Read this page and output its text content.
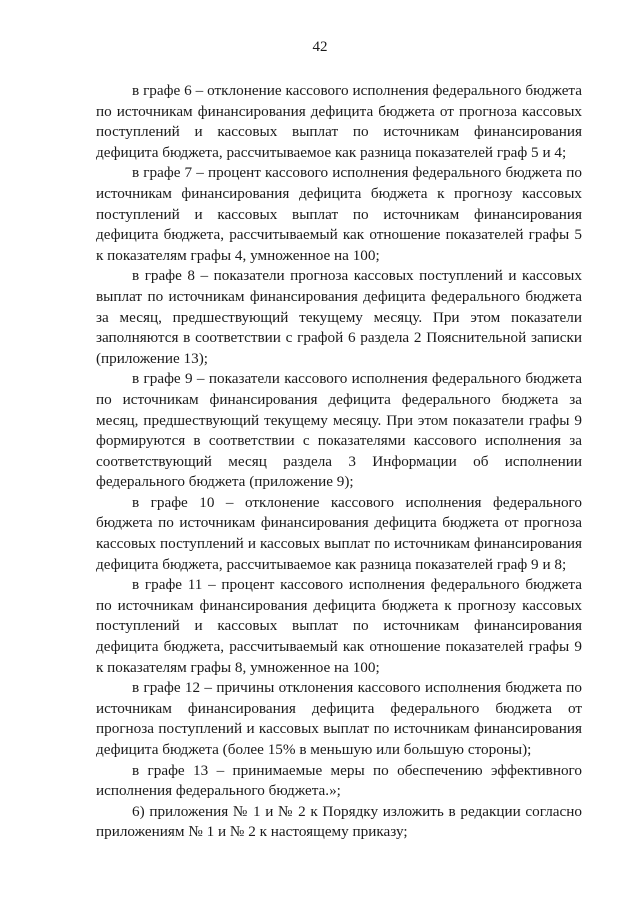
42

в графе 6 – отклонение кассового исполнения федерального бюджета по источникам финансирования дефицита бюджета от прогноза кассовых поступлений и кассовых выплат по источникам финансирования дефицита бюджета, рассчитываемое как разница показателей граф 5 и 4;

в графе 7 – процент кассового исполнения федерального бюджета по источникам финансирования дефицита бюджета к прогнозу кассовых поступлений и кассовых выплат по источникам финансирования дефицита бюджета, рассчитываемый как отношение показателей графы 5 к показателям графы 4, умноженное на 100;

в графе 8 – показатели прогноза кассовых поступлений и кассовых выплат по источникам финансирования дефицита федерального бюджета за месяц, предшествующий текущему месяцу. При этом показатели заполняются в соответствии с графой 6 раздела 2 Пояснительной записки (приложение 13);

в графе 9 – показатели кассового исполнения федерального бюджета по источникам финансирования дефицита федерального бюджета за месяц, предшествующий текущему месяцу. При этом показатели графы 9 формируются в соответствии с показателями кассового исполнения за соответствующий месяц раздела 3 Информации об исполнении федерального бюджета (приложение 9);

в графе 10 – отклонение кассового исполнения федерального бюджета по источникам финансирования дефицита бюджета от прогноза кассовых поступлений и кассовых выплат по источникам финансирования дефицита бюджета, рассчитываемое как разница показателей граф 9 и 8;

в графе 11 – процент кассового исполнения федерального бюджета по источникам финансирования дефицита бюджета к прогнозу кассовых поступлений и кассовых выплат по источникам финансирования дефицита бюджета, рассчитываемый как отношение показателей графы 9 к показателям графы 8, умноженное на 100;

в графе 12 – причины отклонения кассового исполнения бюджета по источникам финансирования дефицита федерального бюджета от прогноза поступлений и кассовых выплат по источникам финансирования дефицита бюджета (более 15% в меньшую или большую стороны);

в графе 13 – принимаемые меры по обеспечению эффективного исполнения федерального бюджета.»;

6) приложения № 1 и № 2 к Порядку изложить в редакции согласно приложениям № 1 и № 2 к настоящему приказу;
